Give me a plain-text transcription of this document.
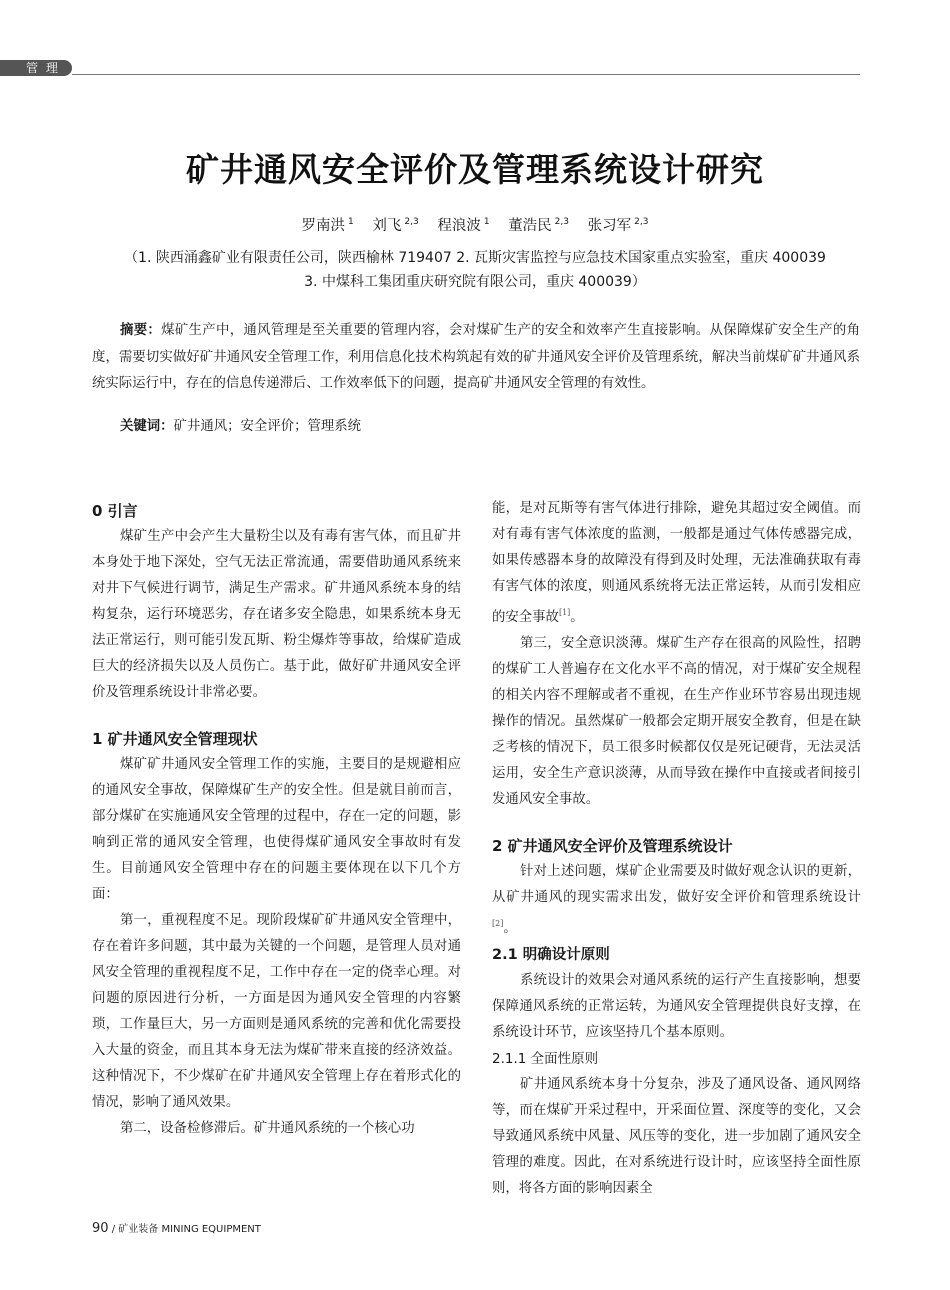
管 理
矿井通风安全评价及管理系统设计研究
罗南洪 $^1$ 刘飞 $^{2,3}$ 程浪波 $^1$ 董浩民 $^{2,3}$ 张习军 $^{2,3}$
（1. 陕西涌鑫矿业有限责任公司，陕西榆林 719407 2. 瓦斯灾害监控与应急技术国家重点实验室，重庆 400039
3. 中煤科工集团重庆研究院有限公司，重庆 400039）
摘要：煤矿生产中，通风管理是至关重要的管理内容，会对煤矿生产的安全和效率产生直接影响。从保障煤矿安全生产的角度，需要切实做好矿井通风安全管理工作，利用信息化技术构筑起有效的矿井通风安全评价及管理系统，解决当前煤矿矿井通风系统实际运行中，存在的信息传递滞后、工作效率低下的问题，提高矿井通风安全管理的有效性。
关键词：矿井通风；安全评价；管理系统
0 引言

煤矿生产中会产生大量粉尘以及有毒有害气体，而且矿井本身处于地下深处，空气无法正常流通，需要借助通风系统来对井下气候进行调节，满足生产需求。矿井通风系统本身的结构复杂，运行环境恶劣，存在诸多安全隐患，如果系统本身无法正常运行，则可能引发瓦斯、粉尘爆炸等事故，给煤矿造成巨大的经济损失以及人员伤亡。基于此，做好矿井通风安全评价及管理系统设计非常必要。

1 矿井通风安全管理现状

煤矿矿井通风安全管理工作的实施，主要目的是规避相应的通风安全事故，保障煤矿生产的安全性。但是就目前而言，部分煤矿在实施通风安全管理的过程中，存在一定的问题，影响到正常的通风安全管理，也使得煤矿通风安全事故时有发生。目前通风安全管理中存在的问题主要体现在以下几个方面：

第一，重视程度不足。现阶段煤矿矿井通风安全管理中，存在着许多问题，其中最为关键的一个问题，是管理人员对通风安全管理的重视程度不足，工作中存在一定的侥幸心理。对问题的原因进行分析，一方面是因为通风安全管理的内容繁琐，工作量巨大，另一方面则是通风系统的完善和优化需要投入大量的资金，而且其本身无法为煤矿带来直接的经济效益。这种情况下，不少煤矿在矿井通风安全管理上存在着形式化的情况，影响了通风效果。

第二，设备检修滞后。矿井通风系统的一个核心功

能，是对瓦斯等有害气体进行排除，避免其超过安全阈值。而对有毒有害气体浓度的监测，一般都是通过气体传感器完成，如果传感器本身的故障没有得到及时处理，无法准确获取有毒有害气体的浓度，则通风系统将无法正常运转，从而引发相应的安全事故[1]。

第三，安全意识淡薄。煤矿生产存在很高的风险性，招聘的煤矿工人普遍存在文化水平不高的情况，对于煤矿安全规程的相关内容不理解或者不重视，在生产作业环节容易出现违规操作的情况。虽然煤矿一般都会定期开展安全教育，但是在缺乏考核的情况下，员工很多时候都仅仅是死记硬背，无法灵活运用，安全生产意识淡薄，从而导致在操作中直接或者间接引发通风安全事故。

2 矿井通风安全评价及管理系统设计

针对上述问题，煤矿企业需要及时做好观念认识的更新，从矿井通风的现实需求出发，做好安全评价和管理系统设计[2]。

2.1 明确设计原则

系统设计的效果会对通风系统的运行产生直接影响，想要保障通风系统的正常运转，为通风安全管理提供良好支撑，在系统设计环节，应该坚持几个基本原则。

2.1.1 全面性原则

矿井通风系统本身十分复杂，涉及了通风设备、通风网络等，而在煤矿开采过程中，开采面位置、深度等的变化，又会导致通风系统中风量、风压等的变化，进一步加剧了通风安全管理的难度。因此，在对系统进行设计时，应该坚持全面性原则，将各方面的影响因素全

90 / 矿业装备 MINING EQUIPMENT
